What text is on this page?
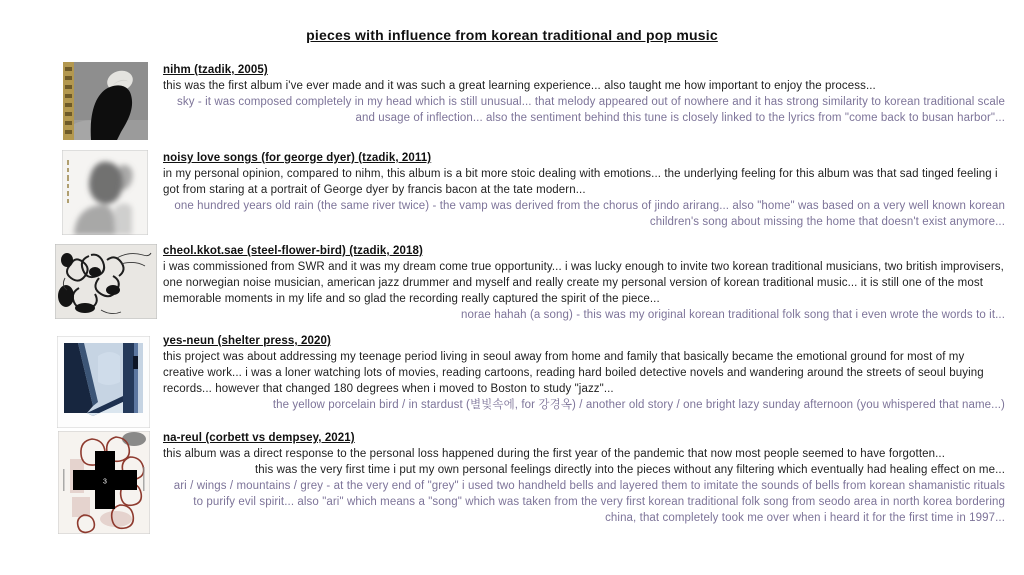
pieces with influence from korean traditional and pop music
nihm (tzadik, 2005)
this was the first album i've ever made and it was such a great learning experience... also taught me how important to enjoy the process...
sky - it was composed completely in my head which is still unusual... that melody appeared out of nowhere and it has strong similarity to korean traditional scale and usage of inflection... also the sentiment behind this tune is closely linked to the lyrics from "come back to busan harbor"...
noisy love songs (for george dyer) (tzadik, 2011)
in my personal opinion, compared to nihm, this album is a bit more stoic dealing with emotions... the underlying feeling for this album was that sad tinged feeling i got from staring at a portrait of George dyer by francis bacon at the tate modern...
one hundred years old rain (the same river twice) - the vamp was derived from the chorus of jindo arirang... also "home" was based on a very well known korean children's song about missing the home that doesn't exist anymore...
cheol.kkot.sae (steel-flower-bird) (tzadik, 2018)
i was commissioned from SWR and it was my dream come true opportunity... i was lucky enough to invite two korean traditional musicians, two british improvisers, one norwegian noise musician, american jazz drummer and myself and really create my personal version of korean traditional music... it is still one of the most memorable moments in my life and so glad the recording really captured the spirit of the piece...
norae hahah (a song) - this was my original korean traditional folk song that i even wrote the words to it...
yes-neun (shelter press, 2020)
this project was about addressing my teenage period living in seoul away from home and family that basically became the emotional ground for most of my creative work... i was a loner watching lots of movies, reading cartoons, reading hard boiled detective novels and wandering around the streets of seoul buying records... however that changed 180 degrees when i moved to Boston to study "jazz"...
the yellow porcelain bird / in stardust (별빛속에, for 강경옥) / another old story / one bright lazy sunday afternoon (you whispered that name...)
3
na-reul (corbett vs dempsey, 2021)
this album was a direct response to the personal loss happened during the first year of the pandemic that now most people seemed to have forgotten...
this was the very first time i put my own personal feelings directly into the pieces without any filtering which eventually had healing effect on me...
ari / wings / mountains / grey - at the very end of "grey" i used two handheld bells and layered them to imitate the sounds of bells from korean shamanistic rituals to purify evil spirit... also "ari" which means a "song" which was taken from the very first korean traditional folk song from seodo area in north korea bordering china, that completely took me over when i heard it for the first time in 1997...
